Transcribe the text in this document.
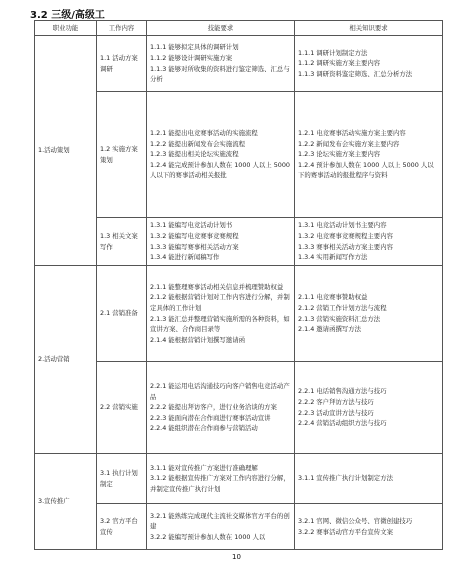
3.2 三级/高级工
职业功能	工作内容	技能要求	相关知识要求
1.活动策划	1.1 活动方案调研	1.1.1 能够拟定具体的调研计划
1.1.2 能够设计调研实施方案
1.1.3 能够对所收集的资料进行鉴定筛选、汇总与分析	1.1.1 调研计划制定方法
1.1.2 调研实施方案主要内容
1.1.3 调研资料鉴定筛选、汇总分析方法

	1.2 实施方案策划	1.2.1 能提出电竞赛事活动的实施流程
1.2.2 能提出新闻发布会实施流程
1.2.3 能提出相关论坛实施流程
1.2.4 能完成预计参加人数在 1000 人以上 5000 人以下的赛事活动相关报批	1.2.1 电竞赛事活动实施方案主要内容
1.2.2 新闻发布会实施方案主要内容
1.2.3 论坛实施方案主要内容
1.2.4 预计参加人数在 1000 人以上 5000 人以下的赛事活动的报批程序与资料

	1.3 相关文案写作	1.3.1 能编写电竞活动计划书
1.3.2 能编写电竞赛事竞赛规程
1.3.3 能编写赛事相关活动方案
1.3.4 能进行新闻稿写作	1.3.1 电竞活动计划书主要内容
1.3.2 电竞赛事竞赛规程主要内容
1.3.3 赛事相关活动方案主要内容
1.3.4 实用新闻写作方法

2.活动营销	2.1 营销准备	2.1.1 能整理赛事活动相关信息并梳理赞助权益
2.1.2 能根据营销计划对工作内容进行分解，并制定具体的工作计划
2.1.3 能汇总并整理营销实施所需的各种资料，如宣讲方案、合作商目录等
2.1.4 能根据营销计划撰写邀请函	2.1.1 电竞赛事赞助权益
2.1.2 营销工作计划方法与流程
2.1.3 营销实施资料汇总方法
2.1.4 邀请函撰写方法

	2.2 营销实施	2.2.1 能运用电话沟通技巧向客户销售电竞活动产品
2.2.2 能提出拜访客户，进行业务洽谈的方案
2.2.3 能面向潜在合作商进行赛事活动宣讲
2.2.4 能组织潜在合作商参与营销活动	2.2.1 电话销售沟通方法与技巧
2.2.2 客户拜访方法与技巧
2.2.3 活动宣讲方法与技巧
2.2.4 营销活动组织方法与技巧

3.宣传推广	3.1 执行计划制定	3.1.1 能对宣传推广方案进行准确理解
3.1.2 能根据宣传推广方案对工作内容进行分解，并制定宣传推广执行计划	3.1.1 宣传推广执行计划制定方法

	3.2 官方平台宣传	3.2.1 能熟练完成现代主流社交媒体官方平台的创建
3.2.2 能编写预计参加人数在 1000 人以	3.2.1 官网、微信公众号、官微创建技巧
3.2.2 赛事活动官方平台宣传文案
10
